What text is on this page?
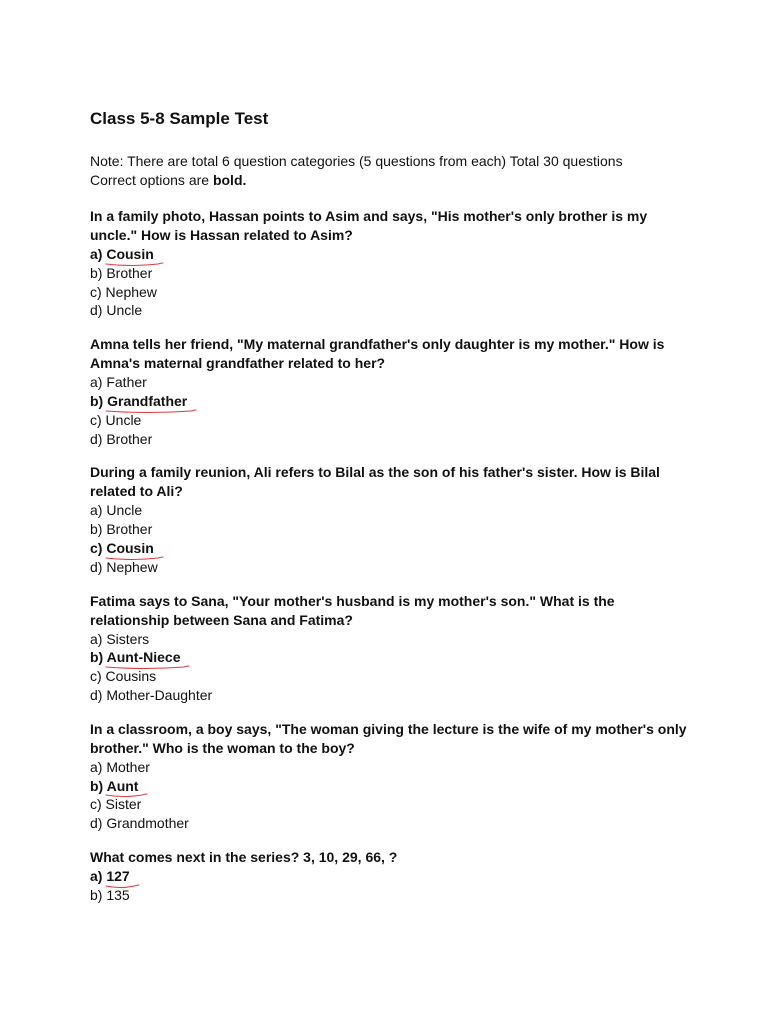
Class 5-8 Sample Test
Note: There are total 6 question categories (5 questions from each) Total 30 questions
Correct options are bold.
In a family photo, Hassan points to Asim and says, "His mother's only brother is my uncle." How is Hassan related to Asim?
a) Cousin
b) Brother
c) Nephew
d) Uncle
Amna tells her friend, "My maternal grandfather's only daughter is my mother." How is Amna's maternal grandfather related to her?
a) Father
b) Grandfather
c) Uncle
d) Brother
During a family reunion, Ali refers to Bilal as the son of his father's sister. How is Bilal related to Ali?
a) Uncle
b) Brother
c) Cousin
d) Nephew
Fatima says to Sana, "Your mother's husband is my mother's son." What is the relationship between Sana and Fatima?
a) Sisters
b) Aunt-Niece
c) Cousins
d) Mother-Daughter
In a classroom, a boy says, "The woman giving the lecture is the wife of my mother's only brother." Who is the woman to the boy?
a) Mother
b) Aunt
c) Sister
d) Grandmother
What comes next in the series? 3, 10, 29, 66, ?
a) 127
b) 135
